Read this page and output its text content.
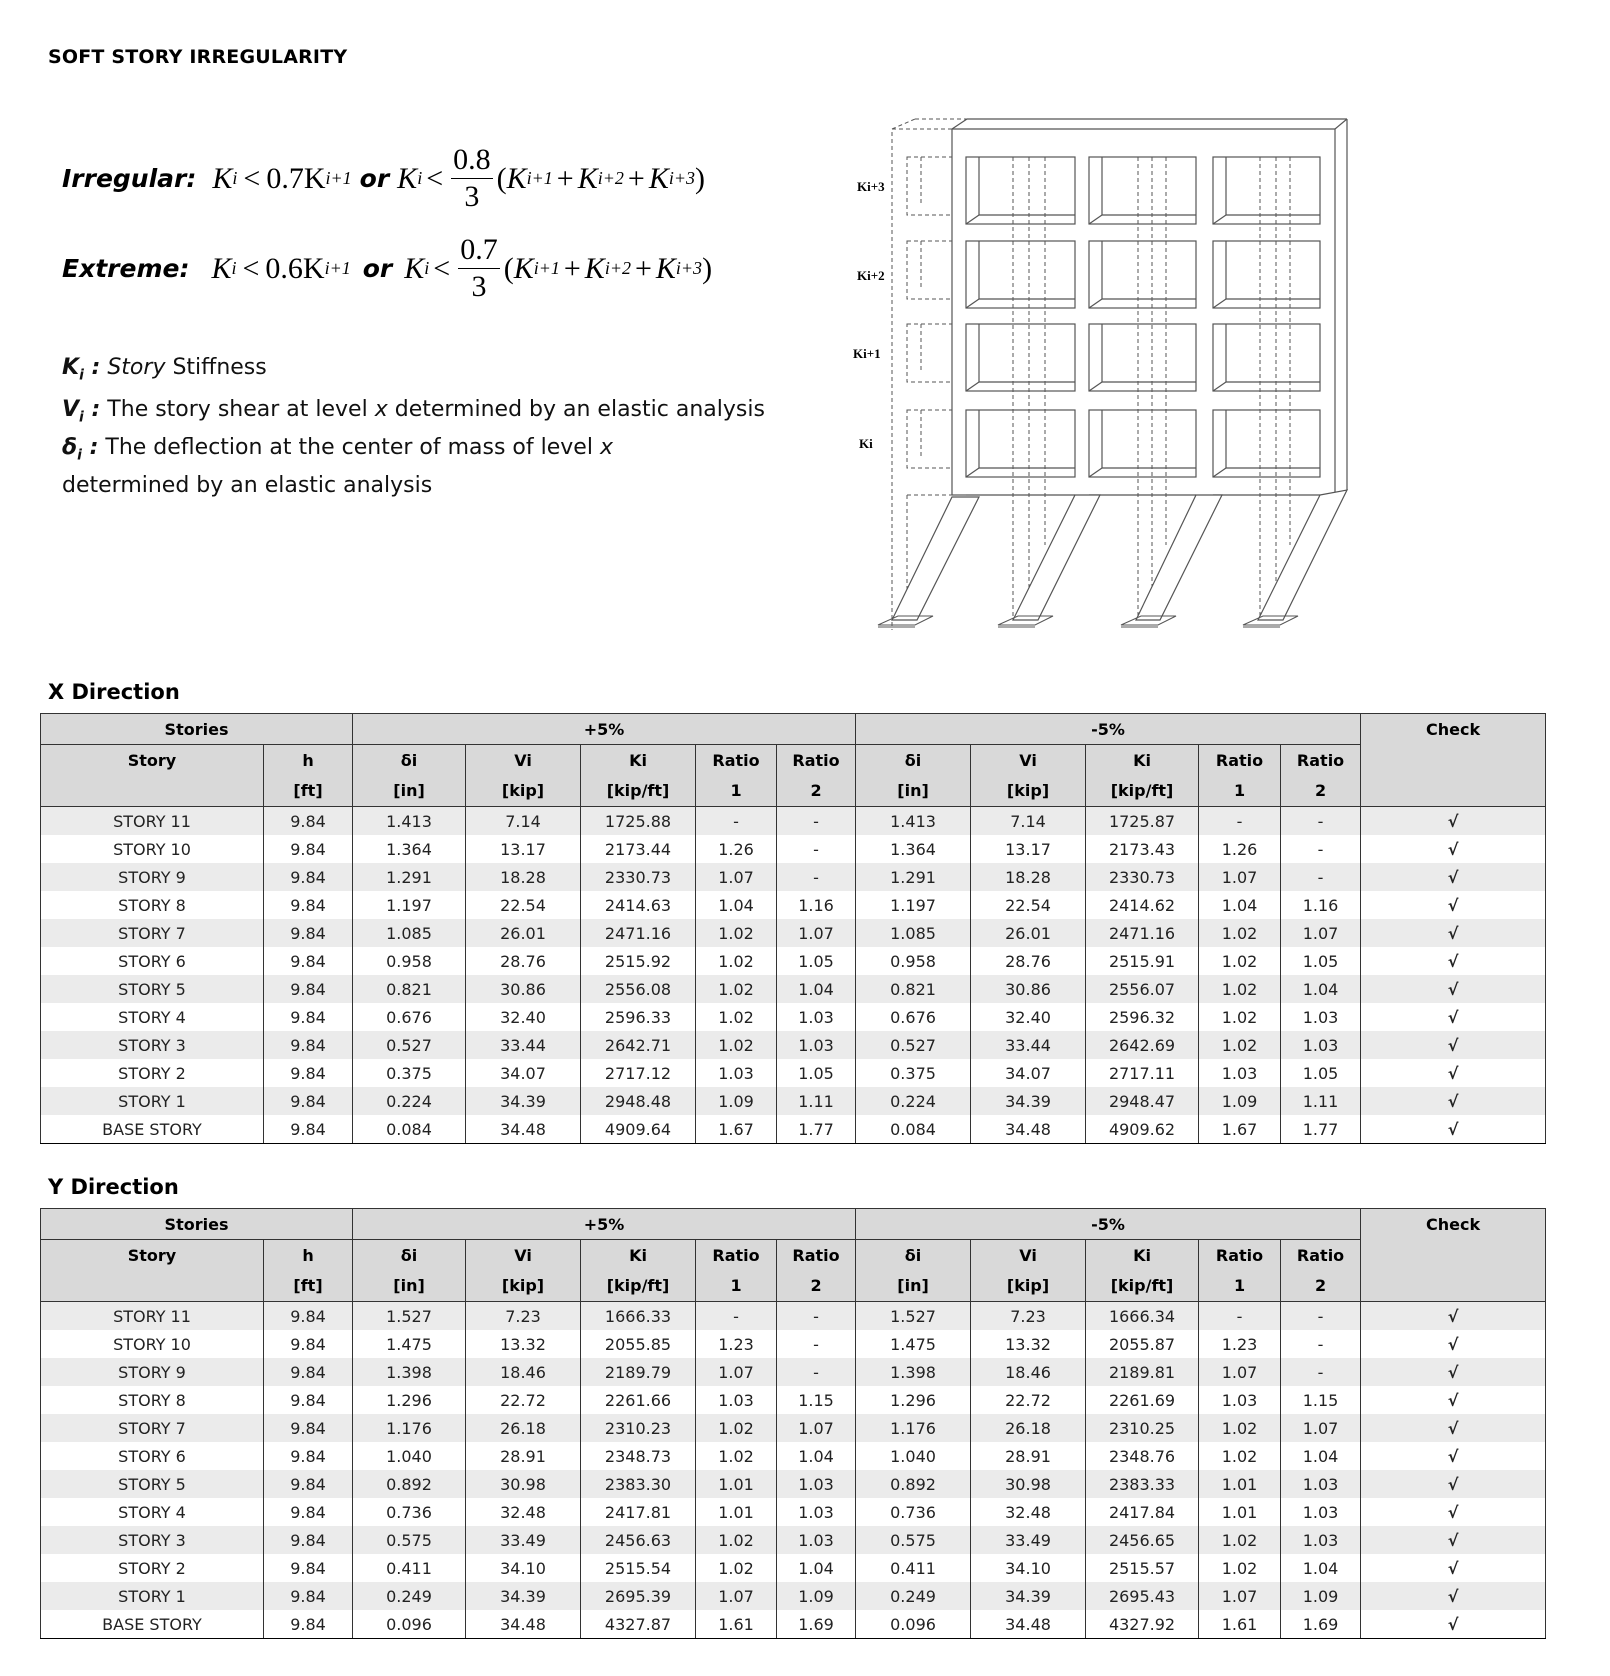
SOFT STORY IRREGULARITY
Irregular: K i < 0.7K i+1 or K $i < \frac{0.8}{3}$ ( K i+1 + K i+2 + K i+3 )
Extreme: K i < 0.6K i+1 or K $i < \frac{0.7}{3}$ ( K i+1 + K i+2 + K i+3 )
$K_i$ : Story Stiffness
$V_i$ : The story shear at level x determined by an elastic analysis
$\delta_i$ : The deflection at the center of mass of level x
determined by an elastic analysis
Ki+3
Ki+2
Ki+1
Ki
X Direction
Stories		+5%					-5%					Check
Story	h	δi	Vi	Ki	Ratio	Ratio	δi	Vi	Ki	Ratio	Ratio	
	[ft]	[in]	[kip]	[kip/ft]	1	2	[in]	[kip]	[kip/ft]	1	2	
STORY 11	9.84	1.413	7.14	1725.88	-	-	1.413	7.14	1725.87	-	-	√
STORY 10	9.84	1.364	13.17	2173.44	1.26	-	1.364	13.17	2173.43	1.26	-	√
STORY 9	9.84	1.291	18.28	2330.73	1.07	-	1.291	18.28	2330.73	1.07	-	√
STORY 8	9.84	1.197	22.54	2414.63	1.04	1.16	1.197	22.54	2414.62	1.04	1.16	√
STORY 7	9.84	1.085	26.01	2471.16	1.02	1.07	1.085	26.01	2471.16	1.02	1.07	√
STORY 6	9.84	0.958	28.76	2515.92	1.02	1.05	0.958	28.76	2515.91	1.02	1.05	√
STORY 5	9.84	0.821	30.86	2556.08	1.02	1.04	0.821	30.86	2556.07	1.02	1.04	√
STORY 4	9.84	0.676	32.40	2596.33	1.02	1.03	0.676	32.40	2596.32	1.02	1.03	√
STORY 3	9.84	0.527	33.44	2642.71	1.02	1.03	0.527	33.44	2642.69	1.02	1.03	√
STORY 2	9.84	0.375	34.07	2717.12	1.03	1.05	0.375	34.07	2717.11	1.03	1.05	√
STORY 1	9.84	0.224	34.39	2948.48	1.09	1.11	0.224	34.39	2948.47	1.09	1.11	√
BASE STORY	9.84	0.084	34.48	4909.64	1.67	1.77	0.084	34.48	4909.62	1.67	1.77	√
Y Direction
Stories		+5%					-5%					Check
Story	h	δi	Vi	Ki	Ratio	Ratio	δi	Vi	Ki	Ratio	Ratio	
	[ft]	[in]	[kip]	[kip/ft]	1	2	[in]	[kip]	[kip/ft]	1	2	
STORY 11	9.84	1.527	7.23	1666.33	-	-	1.527	7.23	1666.34	-	-	√
STORY 10	9.84	1.475	13.32	2055.85	1.23	-	1.475	13.32	2055.87	1.23	-	√
STORY 9	9.84	1.398	18.46	2189.79	1.07	-	1.398	18.46	2189.81	1.07	-	√
STORY 8	9.84	1.296	22.72	2261.66	1.03	1.15	1.296	22.72	2261.69	1.03	1.15	√
STORY 7	9.84	1.176	26.18	2310.23	1.02	1.07	1.176	26.18	2310.25	1.02	1.07	√
STORY 6	9.84	1.040	28.91	2348.73	1.02	1.04	1.040	28.91	2348.76	1.02	1.04	√
STORY 5	9.84	0.892	30.98	2383.30	1.01	1.03	0.892	30.98	2383.33	1.01	1.03	√
STORY 4	9.84	0.736	32.48	2417.81	1.01	1.03	0.736	32.48	2417.84	1.01	1.03	√
STORY 3	9.84	0.575	33.49	2456.63	1.02	1.03	0.575	33.49	2456.65	1.02	1.03	√
STORY 2	9.84	0.411	34.10	2515.54	1.02	1.04	0.411	34.10	2515.57	1.02	1.04	√
STORY 1	9.84	0.249	34.39	2695.39	1.07	1.09	0.249	34.39	2695.43	1.07	1.09	√
BASE STORY	9.84	0.096	34.48	4327.87	1.61	1.69	0.096	34.48	4327.92	1.61	1.69	√
